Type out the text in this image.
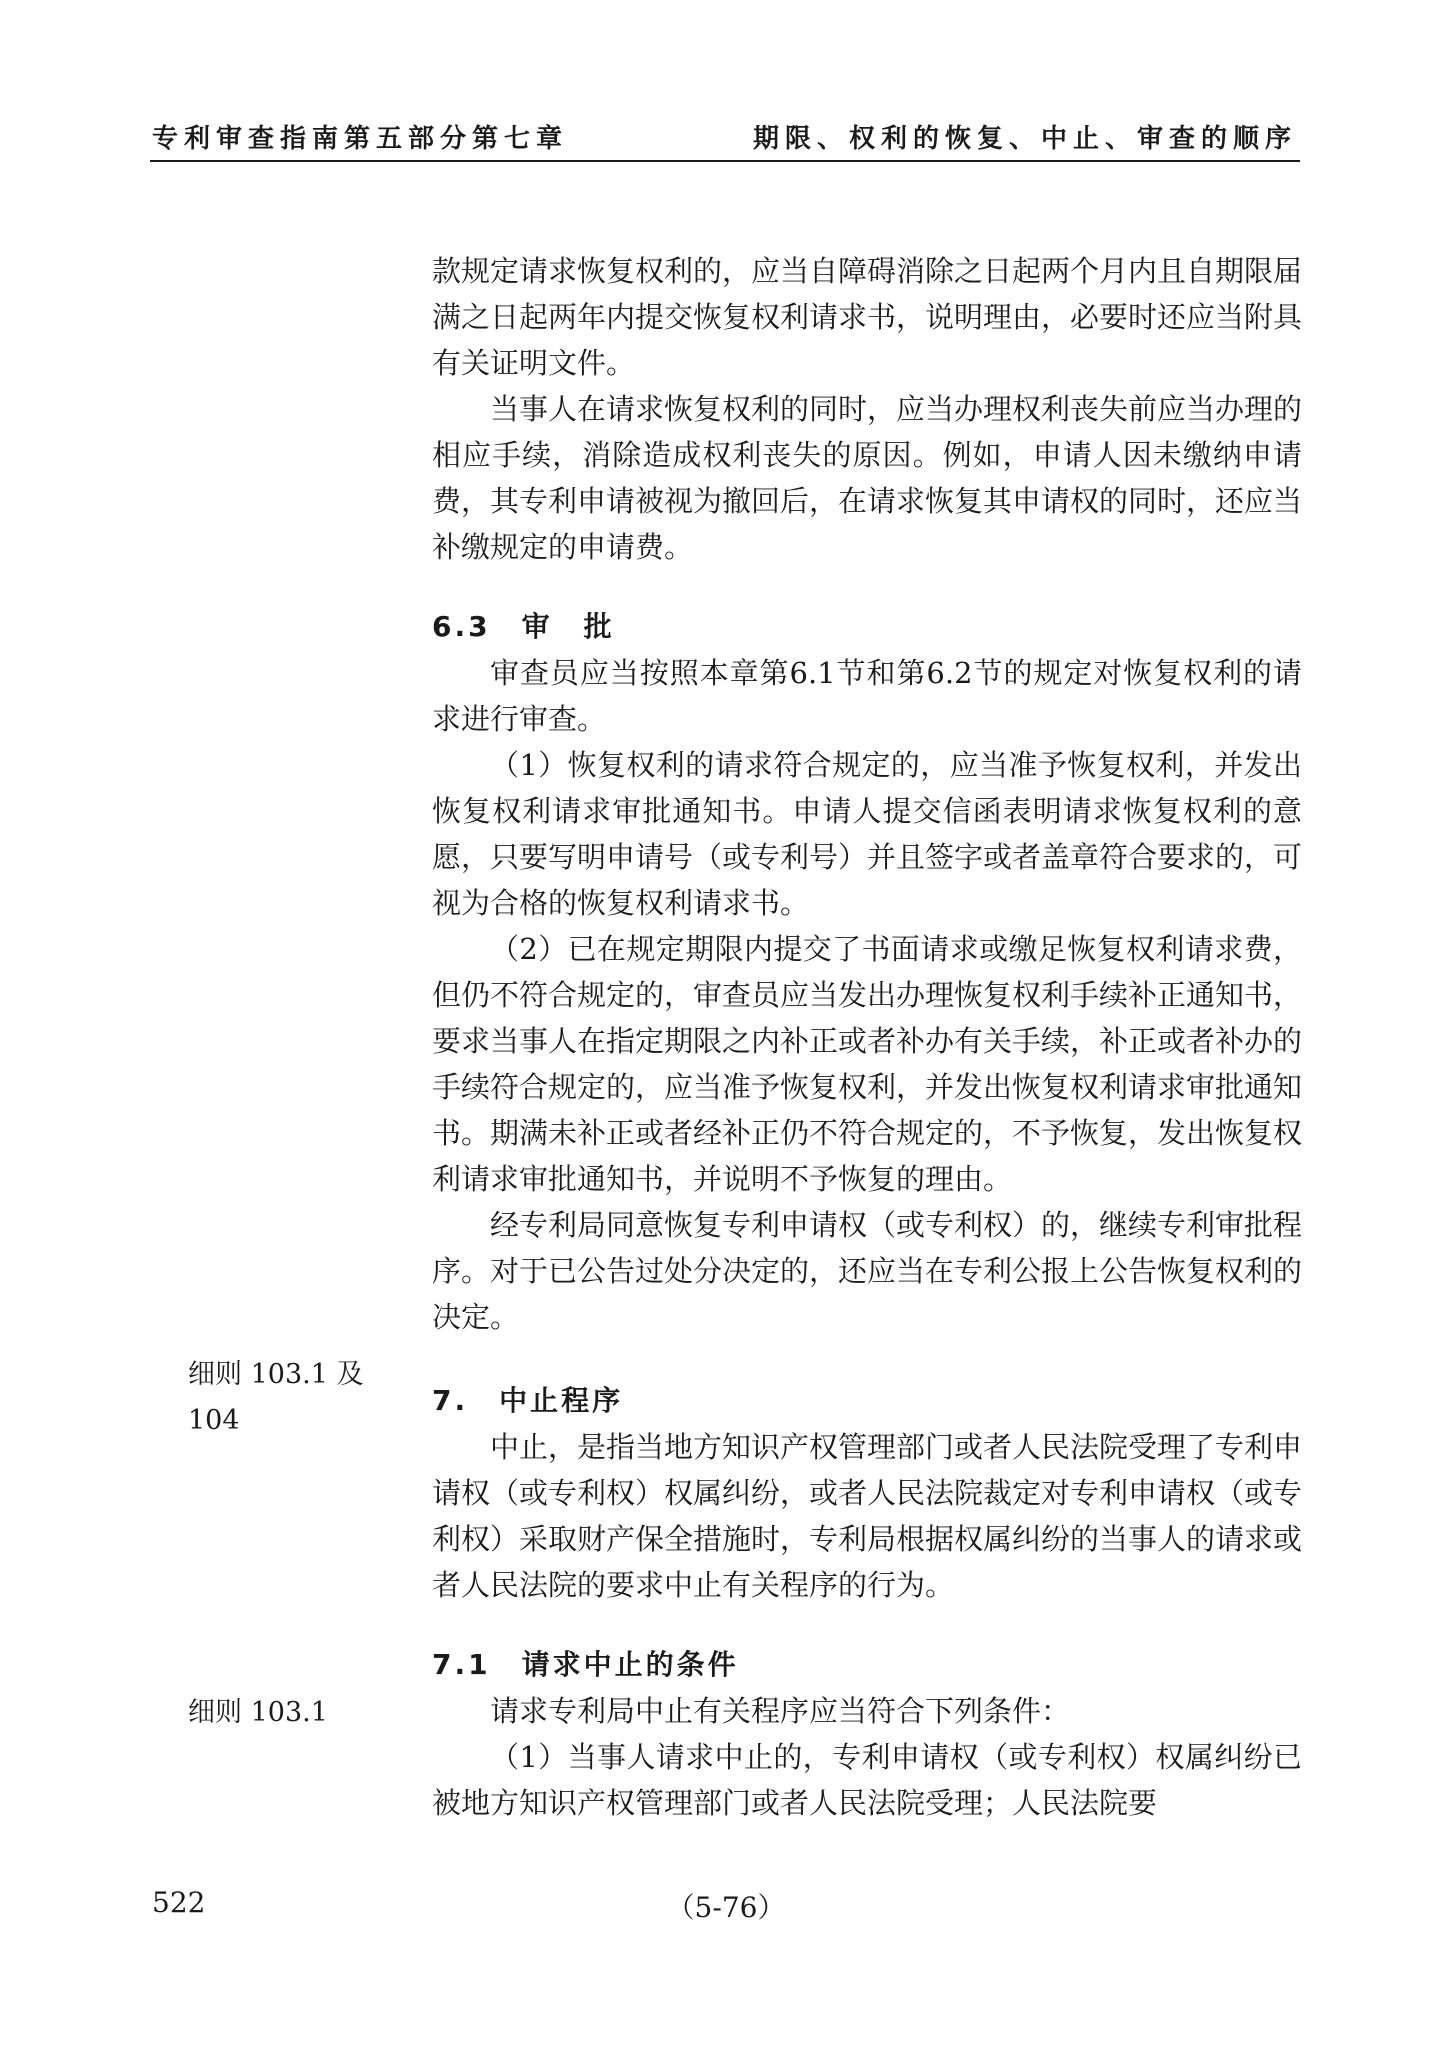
专利审查指南第五部分第七章	期限、权利的恢复、中止、审查的顺序

款规定请求恢复权利的，应当自障碍消除之日起两个月内且自期限届满之日起两年内提交恢复权利请求书，说明理由，必要时还应当附具有关证明文件。

当事人在请求恢复权利的同时，应当办理权利丧失前应当办理的相应手续，消除造成权利丧失的原因。例如，申请人因未缴纳申请费，其专利申请被视为撤回后，在请求恢复其申请权的同时，还应当补缴规定的申请费。

6.3　审　批

审查员应当按照本章第6.1节和第6.2节的规定对恢复权利的请求进行审查。

（1）恢复权利的请求符合规定的，应当准予恢复权利，并发出恢复权利请求审批通知书。申请人提交信函表明请求恢复权利的意愿，只要写明申请号（或专利号）并且签字或者盖章符合要求的，可视为合格的恢复权利请求书。

（2）已在规定期限内提交了书面请求或缴足恢复权利请求费，但仍不符合规定的，审查员应当发出办理恢复权利手续补正通知书，要求当事人在指定期限之内补正或者补办有关手续，补正或者补办的手续符合规定的，应当准予恢复权利，并发出恢复权利请求审批通知书。期满未补正或者经补正仍不符合规定的，不予恢复，发出恢复权利请求审批通知书，并说明不予恢复的理由。

经专利局同意恢复专利申请权（或专利权）的，继续专利审批程序。对于已公告过处分决定的，还应当在专利公报上公告恢复权利的决定。

7.　中止程序

中止，是指当地方知识产权管理部门或者人民法院受理了专利申请权（或专利权）权属纠纷，或者人民法院裁定对专利申请权（或专利权）采取财产保全措施时，专利局根据权属纠纷的当事人的请求或者人民法院的要求中止有关程序的行为。

7.1　请求中止的条件

请求专利局中止有关程序应当符合下列条件：

（1）当事人请求中止的，专利申请权（或专利权）权属纠纷已被地方知识产权管理部门或者人民法院受理；人民法院要

细则 103.1 及 104
细则 103.1
522	（5-76）
